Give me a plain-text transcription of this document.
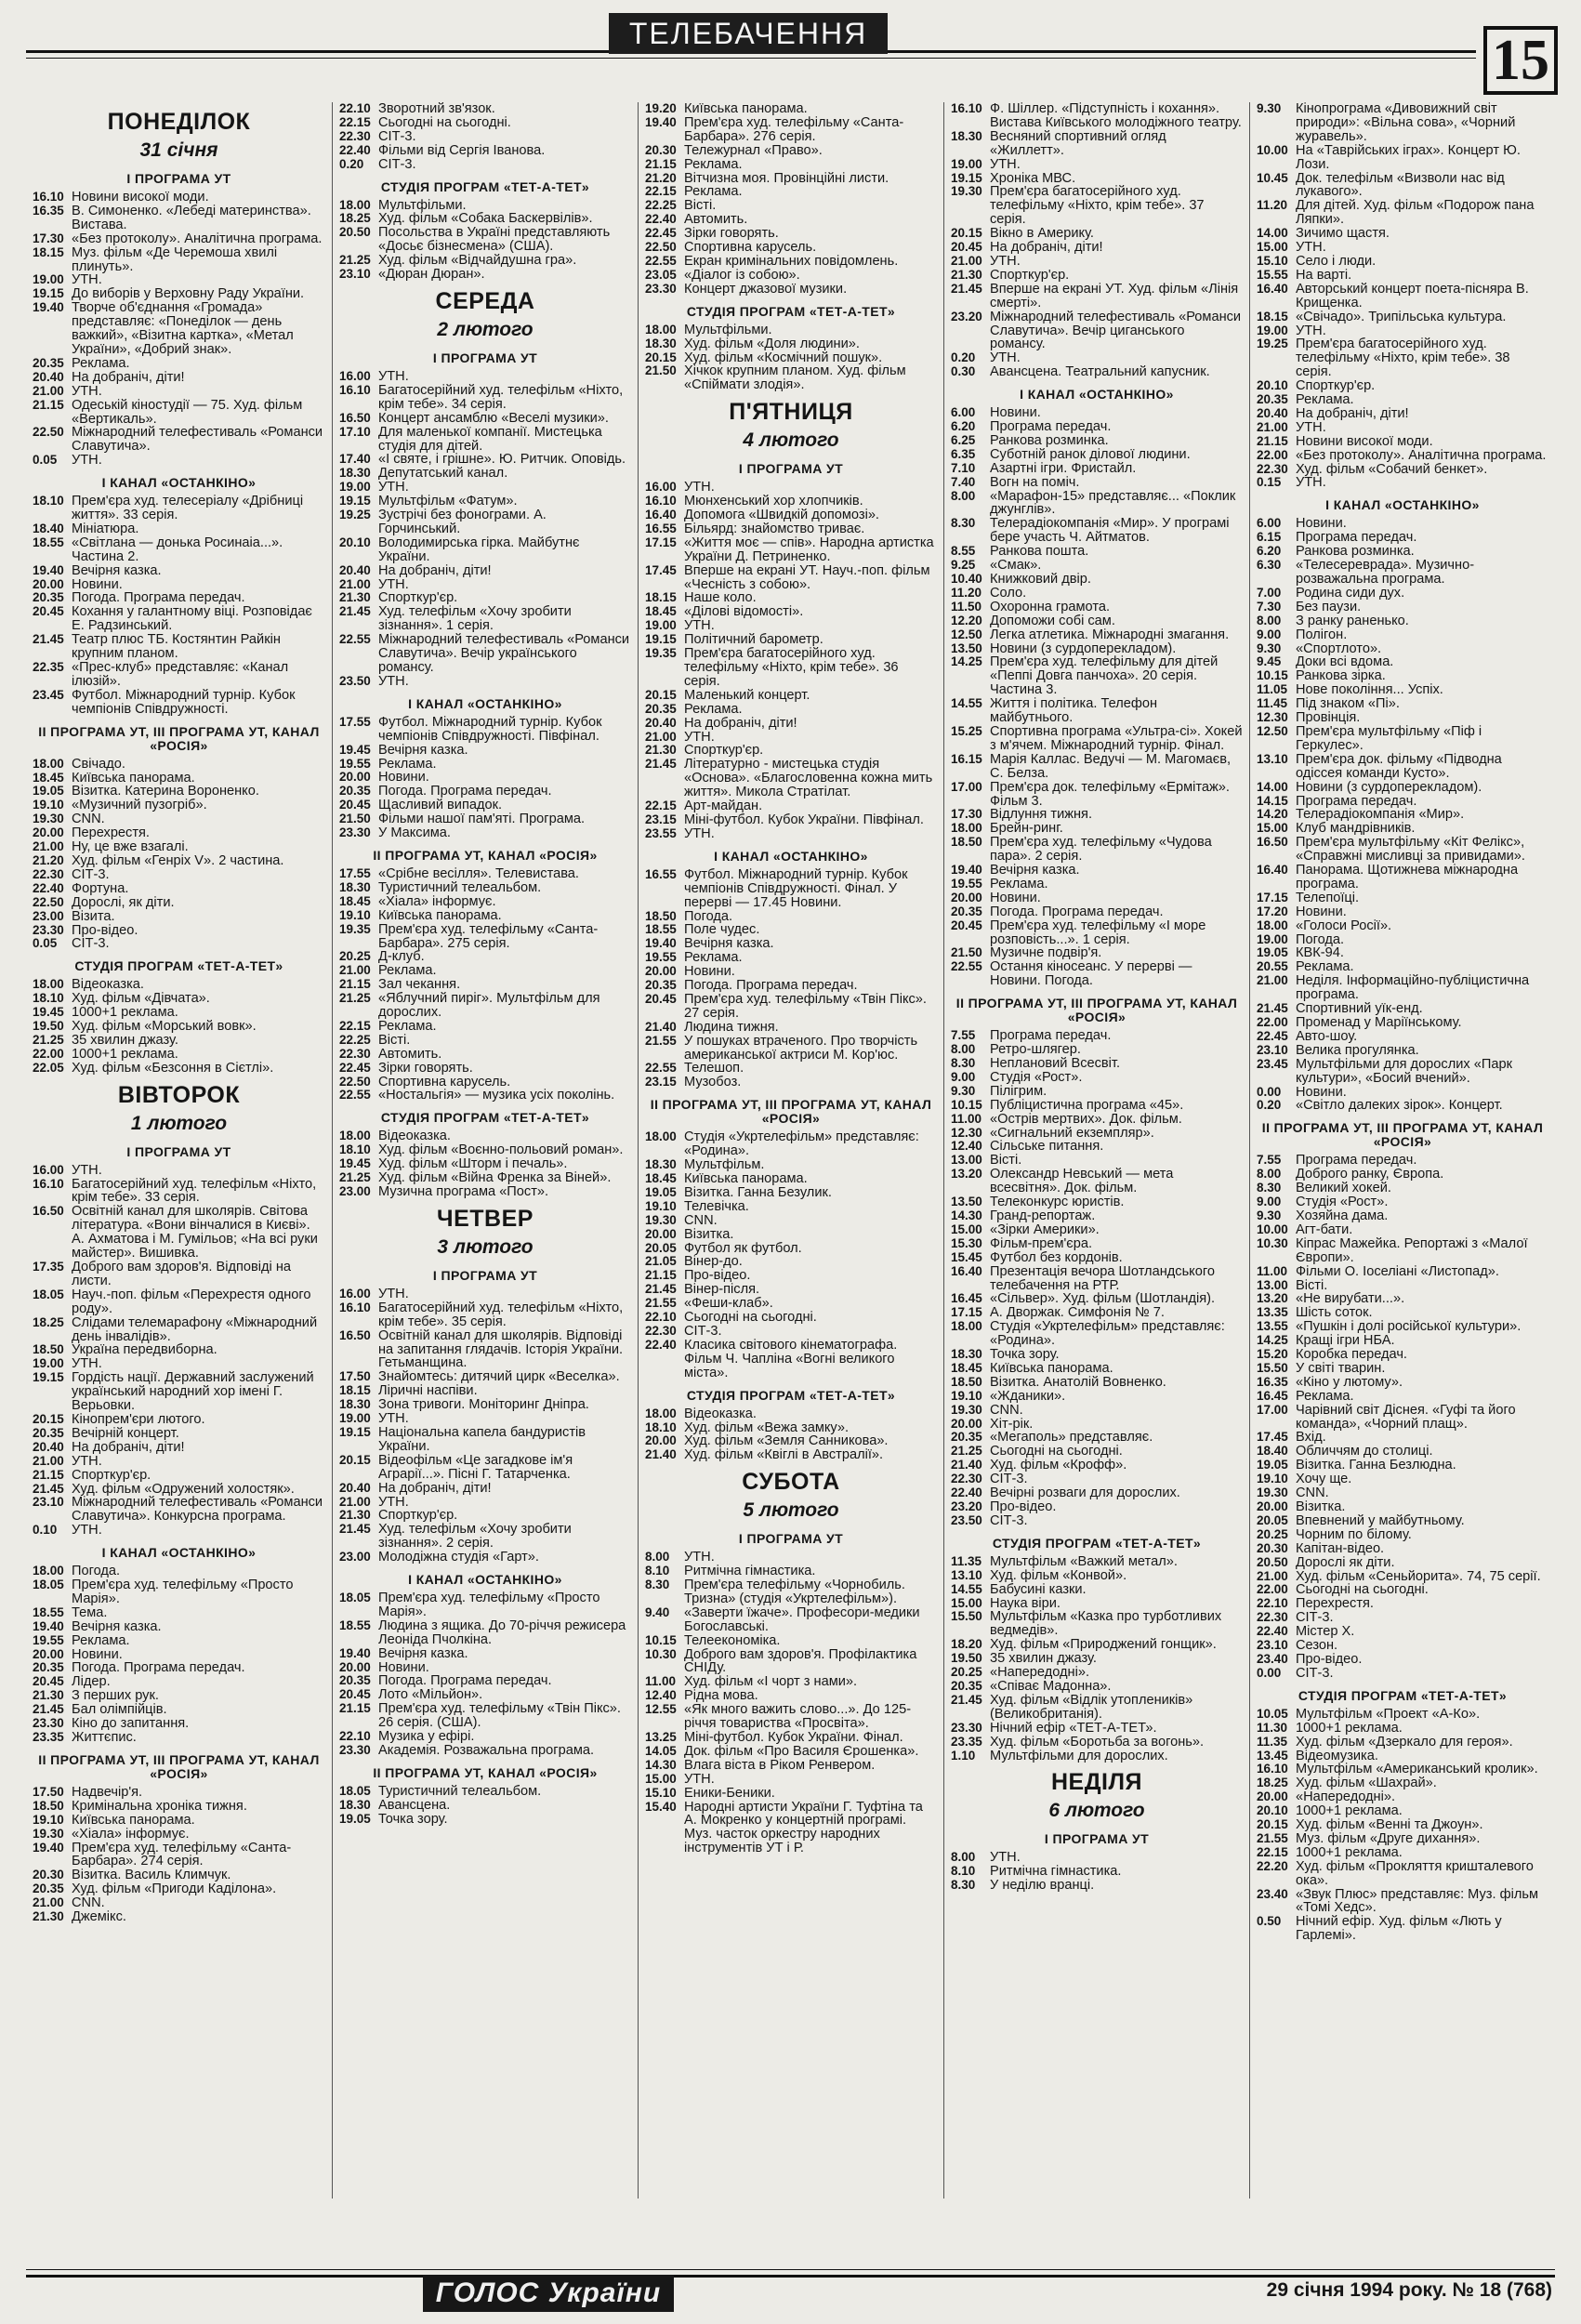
ТЕЛЕБАЧЕННЯ	15
ПОНЕДІЛОК
31 січня
І ПРОГРАМА УТ
16.10 Новини високої моди.
16.35 В. Симоненко. «Лебеді материнства». Вистава.
17.30 «Без протоколу». Аналітична програма.
18.15 Муз. фільм «Де Черемоша хвилі плинуть».
19.00 УТН.
19.15 До виборів у Верховну Раду України.
19.40 Творче об'єднання «Громада» представляє: «Понеділок — день важкий», «Візитна картка», «Метал України», «Добрий знак».
20.35 Реклама.
20.40 На добраніч, діти!
21.00 УТН.
21.15 Одеській кіностудії — 75. Худ. фільм «Вертикаль».
22.50 Міжнародний телефестиваль «Романси Славутича».
0.05	УТН.
І КАНАЛ «ОСТАНКІНО»
18.10 Прем'єра худ. телесеріалу «Дрібниці життя». 33 серія.
18.40 Мініатюра.
18.55 «Світлана — донька Росинаіа...». Частина 2.
19.40 Вечірня казка.
20.00 Новини.
20.35 Погода. Програма передач.
20.45 Кохання у галантному віці. Розповідає Е. Радзинський.
21.45 Театр плюс ТБ. Костянтин Райкін крупним планом.
22.35 «Прес-клуб» представляє: «Канал ілюзій».
23.45 Футбол. Міжнародний турнір. Кубок чемпіонів Співдружності.
ІІ ПРОГРАМА УТ, ІІІ ПРОГРАМА УТ, КАНАЛ «РОСІЯ»
18.00 Свічадо.
18.45 Київська панорама.
19.05 Візитка. Катерина Вороненко.
19.10 «Музичний пузогріб».
19.30 CNN.
20.00 Перехрестя.
21.00 Ну, це вже взагалі.
21.20 Худ. фільм «Генріх V». 2 частина.
22.30 СІТ-3.
22.40 Фортуна.
22.50 Дорослі, як діти.
23.00 Візита.
23.30 Про-відео.
0.05	СІТ-3.
СТУДІЯ ПРОГРАМ «ТЕТ-А-ТЕТ»
18.00 Відеоказка.
18.10 Худ. фільм «Дівчата».
19.45 1000+1 реклама.
19.50 Худ. фільм «Морський вовк».
21.25 35 хвилин джазу.
22.00 1000+1 реклама.
22.05 Худ. фільм «Безсоння в Сієтлі».
ВІВТОРОК
1 лютого
І ПРОГРАМА УТ
16.00 УТН.
16.10 Багатосерійний худ. телефільм «Ніхто, крім тебе». 33 серія.
16.50 Освітній канал для школярів. Світова література. «Вони вінчалися в Києві». А. Ахматова і М. Гумільов; «На всі руки майстер». Вишивка.
17.35 Доброго вам здоров'я. Відповіді на листи.
18.05 Науч.-поп. фільм «Перехрестя одного роду».
18.25 Слідами телемарафону «Міжнародний день інвалідів».
18.50 Україна передвиборна.
19.00 УТН.
19.15 Гордість нації. Державний заслужений український народний хор імені Г. Верьовки.
20.15 Кінопрем'єри лютого.
20.35 Вечірній концерт.
20.40 На добраніч, діти!
21.00 УТН.
21.15 Спорткур'єр.
21.45 Худ. фільм «Одружений холостяк».
23.10 Міжнародний телефестиваль «Романси Славутича». Конкурсна програма.
0.10	УТН.
І КАНАЛ «ОСТАНКІНО»
18.00 Погода.
18.05 Прем'єра худ. телефільму «Просто Марія».
18.55 Тема.
19.40 Вечірня казка.
19.55 Реклама.
20.00 Новини.
20.35 Погода. Програма передач.
20.45 Лідер.
21.30 З перших рук.
21.45 Бал олімпійців.
23.30 Кіно до запитання.
23.35 Життєпис.
ІІ ПРОГРАМА УТ, ІІІ ПРОГРАМА УТ, КАНАЛ «РОСІЯ»
17.50 Надвечір'я.
18.50 Кримінальна хроніка тижня.
19.10 Київська панорама.
19.30 «Хіала» інформує.
19.40 Прем'єра худ. телефільму «Санта-Барбара». 274 серія.
20.30 Візитка. Василь Климчук.
20.35 Худ. фільм «Пригоди Каділона».
21.00 CNN.
21.30 Джемікс.
22.10 Зворотний зв'язок.
22.15 Сьогодні на сьогодні.
22.30 СІТ-3.
22.40 Фільми від Сергія Іванова.
0.20	СІТ-3.
СТУДІЯ ПРОГРАМ «ТЕТ-А-ТЕТ»
18.00 Мультфільми.
18.25 Худ. фільм «Собака Баскервілів».
20.50 Посольства в Україні представляють «Досьє бізнесмена» (США).
21.25 Худ. фільм «Відчайдушна гра».
23.10 «Дюран Дюран».
СЕРЕДА
2 лютого
І ПРОГРАМА УТ
16.00 УТН.
16.10 Багатосерійний худ. телефільм «Ніхто, крім тебе». 34 серія.
16.50 Концерт ансамблю «Веселі музики».
17.10 Для маленької компанії. Мистецька студія для дітей.
17.40 «І святе, і грішне». Ю. Ритчик. Оповідь.
18.30 Депутатський канал.
19.00 УТН.
19.15 Мультфільм «Фатум».
19.25 Зустрічі без фонограми. А. Горчинський.
20.10 Володимирська гірка. Майбутнє України.
20.40 На добраніч, діти!
21.00 УТН.
21.30 Спорткур'єр.
21.45 Худ. телефільм «Хочу зробити зізнання». 1 серія.
22.55 Міжнародний телефестиваль «Романси Славутича». Вечір українського романсу.
23.50 УТН.
І КАНАЛ «ОСТАНКІНО»
17.55 Футбол. Міжнародний турнір. Кубок чемпіонів Співдружності. Півфінал.
19.45 Вечірня казка.
19.55 Реклама.
20.00 Новини.
20.35 Погода. Програма передач.
20.45 Щасливий випадок.
21.50 Фільми нашої пам'яті. Програма.
23.30 У Максима.
ІІ ПРОГРАМА УТ, КАНАЛ «РОСІЯ»
17.55 «Срібне весілля». Телевистава.
18.30 Туристичний телеальбом.
18.45 «Хіала» інформує.
19.10 Київська панорама.
19.35 Прем'єра худ. телефільму «Санта-Барбара». 275 серія.
20.25 Д-клуб.
21.00 Реклама.
21.15 Зал чекання.
21.25 «Яблучний пиріг». Мультфільм для дорослих.
22.15 Реклама.
22.25 Вісті.
22.30 Автомить.
22.45 Зірки говорять.
22.50 Спортивна карусель.
22.55 «Ностальгія» — музика усіх поколінь.
СТУДІЯ ПРОГРАМ «ТЕТ-А-ТЕТ»
18.00 Відеоказка.
18.10 Худ. фільм «Воєнно-польовий роман».
19.45 Худ. фільм «Шторм і печаль».
21.25 Худ. фільм «Війна Френка за Віней».
23.00 Музична програма «Пост».
ЧЕТВЕР
3 лютого
І ПРОГРАМА УТ
16.00 УТН.
16.10 Багатосерійний худ. телефільм «Ніхто, крім тебе». 35 серія.
16.50 Освітній канал для школярів. Відповіді на запитання глядачів. Історія України. Гетьманщина.
17.50 Знайомтесь: дитячий цирк «Веселка».
18.15 Ліричні наспіви.
18.30 Зона тривоги. Моніторинг Дніпра.
19.00 УТН.
19.15 Національна капела бандуристів України.
20.15 Відеофільм «Це загадкове ім'я Аграрії...». Пісні Г. Татарченка.
20.40 На добраніч, діти!
21.00 УТН.
21.30 Спорткур'єр.
21.45 Худ. телефільм «Хочу зробити зізнання». 2 серія.
23.00 Молодіжна студія «Гарт».
І КАНАЛ «ОСТАНКІНО»
18.05 Прем'єра худ. телефільму «Просто Марія».
18.55 Людина з ящика. До 70-річчя режисера Леоніда Пчолкіна.
19.40 Вечірня казка.
20.00 Новини.
20.35 Погода. Програма передач.
20.45 Лото «Мільйон».
21.15 Прем'єра худ. телефільму «Твін Пікс». 26 серія. (США).
22.10 Музика у ефірі.
23.30 Академія. Розважальна програма.
ІІ ПРОГРАМА УТ, КАНАЛ «РОСІЯ»
18.05 Туристичний телеальбом.
18.30 Авансцена.
19.05 Точка зору.
19.20 Київська панорама.
19.40 Прем'єра худ. телефільму «Санта-Барбара». 276 серія.
20.30 Тележурнал «Право».
21.15 Реклама.
21.20 Вітчизна моя. Провінційні листи.
22.15 Реклама.
22.25 Вісті.
22.40 Автомить.
22.45 Зірки говорять.
22.50 Спортивна карусель.
22.55 Екран кримінальних повідомлень.
23.05 «Діалог із собою».
23.30 Концерт джазової музики.
СТУДІЯ ПРОГРАМ «ТЕТ-А-ТЕТ»
18.00 Мультфільми.
18.30 Худ. фільм «Доля людини».
20.15 Худ. фільм «Космічний пошук».
21.50 Хічкок крупним планом. Худ. фільм «Спіймати злодія».
П'ЯТНИЦЯ
4 лютого
І ПРОГРАМА УТ
16.00 УТН.
16.10 Мюнхенський хор хлопчиків.
16.40 Допомога «Швидкій допомозі».
16.55 Більярд: знайомство триває.
17.15 «Життя моє — спів». Народна артистка України Д. Петриненко.
17.45 Вперше на екрані УТ. Науч.-поп. фільм «Чесність з собою».
18.15 Наше коло.
18.45 «Ділові відомості».
19.00 УТН.
19.15 Політичний барометр.
19.35 Прем'єра багатосерійного худ. телефільму «Ніхто, крім тебе». 36 серія.
20.15 Маленький концерт.
20.35 Реклама.
20.40 На добраніч, діти!
21.00 УТН.
21.30 Спорткур'єр.
21.45 Літературно - мистецька студія «Основа». «Благословенна кожна мить життя». Микола Стратілат.
22.15 Арт-майдан.
23.15 Міні-футбол. Кубок України. Півфінал.
23.55 УТН.
І КАНАЛ «ОСТАНКІНО»
16.55 Футбол. Міжнародний турнір. Кубок чемпіонів Співдружності. Фінал. У перерві — 17.45 Новини.
18.50 Погода.
18.55 Поле чудес.
19.40 Вечірня казка.
19.55 Реклама.
20.00 Новини.
20.35 Погода. Програма передач.
20.45 Прем'єра худ. телефільму «Твін Пікс». 27 серія.
21.40 Людина тижня.
21.55 У пошуках втраченого. Про творчість американської актриси М. Кор'юс.
22.55 Телешоп.
23.15 Музобоз.
ІІ ПРОГРАМА УТ, ІІІ ПРОГРАМА УТ, КАНАЛ «РОСІЯ»
18.00 Студія «Укртелефільм» представляє: «Родина».
18.30 Мультфільм.
18.45 Київська панорама.
19.05 Візитка. Ганна Безулик.
19.10 Телевічка.
19.30 CNN.
20.00 Візитка.
20.05 Футбол як футбол.
21.05 Вінер-до.
21.15 Про-відео.
21.45 Вінер-після.
21.55 «Феши-клаб».
22.10 Сьогодні на сьогодні.
22.30 СІТ-3.
22.40 Класика світового кінематографа. Фільм Ч. Чапліна «Вогні великого міста».
СТУДІЯ ПРОГРАМ «ТЕТ-А-ТЕТ»
18.00 Відеоказка.
18.10 Худ. фільм «Вежа замку».
20.00 Худ. фільм «Земля Санникова».
21.40 Худ. фільм «Квіглі в Австралії».
СУБОТА
5 лютого
І ПРОГРАМА УТ
8.00	УТН.
8.10	Ритмічна гімнастика.
8.30	Прем'єра телефільму «Чорнобиль. Тризна» (студія «Укртелефільм»).
9.40	«Заверти їжаче». Професори-медики Богославські.
10.15 Телеекономіка.
10.30 Доброго вам здоров'я. Профілактика СНІДу.
11.00 Худ. фільм «І чорт з нами».
12.40 Рідна мова.
12.55 «Як много важить слово...». До 125-річчя товариства «Просвіта».
13.25 Міні-футбол. Кубок України. Фінал.
14.05 Док. фільм «Про Василя Єрошенка».
14.30 Влага віста в Ріком Ренвером.
15.00 УТН.
15.10 Еники-Беники.
15.40 Народні артисти України Г. Туфтіна та А. Мокренко у концертній програмі. Муз. часток оркестру народних інструментів УТ і Р.
16.10 Ф. Шіллер. «Підступність і кохання». Вистава Київського молодіжного театру.
18.30 Весняний спортивний огляд «Жиллетт».
19.00 УТН.
19.15 Хроніка МВС.
19.30 Прем'єра багатосерійного худ. телефільму «Ніхто, крім тебе». 37 серія.
20.15 Вікно в Америку.
20.45 На добраніч, діти!
21.00 УТН.
21.30 Спорткур'єр.
21.45 Вперше на екрані УТ. Худ. фільм «Лінія смерті».
23.20 Міжнародний телефестиваль «Романси Славутича». Вечір циганського романсу.
0.20	УТН.
0.30	Авансцена. Театральний капусник.
І КАНАЛ «ОСТАНКІНО»
6.00	Новини.
6.20	Програма передач.
6.25	Ранкова розминка.
6.35	Суботній ранок ділової людини.
7.10	Азартні ігри. Фристайл.
7.40	Вогн на поміч.
8.00	«Марафон-15» представляє... «Поклик джунглів».
8.30	Телерадіокомпанія «Мир». У програмі бере участь Ч. Айтматов.
8.55	Ранкова пошта.
9.25	«Смак».
10.40 Книжковий двір.
11.20 Соло.
11.50 Охоронна грамота.
12.20 Допоможи собі сам.
12.50 Легка атлетика. Міжнародні змагання.
13.50 Новини (з сурдоперекладом).
14.25 Прем'єра худ. телефільму для дітей «Пеппі Довга панчоха». 20 серія. Частина 3.
14.55 Життя і політика. Телефон майбутнього.
15.25 Спортивна програма «Ультра-сі». Хокей з м'ячем. Міжнародний турнір. Фінал.
16.15 Марія Каллас. Ведучі — М. Магомаєв, С. Белза.
17.00 Прем'єра док. телефільму «Ермітаж». Фільм 3.
17.30 Відлуння тижня.
18.00 Брейн-ринг.
18.50 Прем'єра худ. телефільму «Чудова пара». 2 серія.
19.40 Вечірня казка.
19.55 Реклама.
20.00 Новини.
20.35 Погода. Програма передач.
20.45 Прем'єра худ. телефільму «І море розповість...». 1 серія.
21.50 Музичне подвір'я.
22.55 Остання кіносеанс. У перерві — Новини. Погода.
ІІ ПРОГРАМА УТ, ІІІ ПРОГРАМА УТ, КАНАЛ «РОСІЯ»
7.55	Програма передач.
8.00	Ретро-шлягер.
8.30	Неплановий Всесвіт.
9.00	Студія «Рост».
9.30	Пілігрим.
10.15 Публіцистична програма «45».
11.00 «Острів мертвих». Док. фільм.
12.30 «Сигнальний екземпляр».
12.40 Сільське питання.
13.00 Вісті.
13.20 Олександр Невський — мета всесвітня». Док. фільм.
13.50 Телеконкурс юристів.
14.30 Гранд-репортаж.
15.00 «Зірки Америки».
15.30 Фільм-прем'єра.
15.45 Футбол без кордонів.
16.40 Презентація вечора Шотландського телебачення на РТР.
16.45 «Сільвер». Худ. фільм (Шотландія).
17.15 А. Дворжак. Симфонія № 7.
18.00 Студія «Укртелефільм» представляє: «Родина».
18.30 Точка зору.
18.45 Київська панорама.
18.50 Візитка. Анатолій Вовненко.
19.10 «Жданики».
19.30 CNN.
20.00 Хіт-рік.
20.35 «Мегаполь» представляє.
21.25 Сьогодні на сьогодні.
21.40 Худ. фільм «Крофф».
22.30 СІТ-3.
22.40 Вечірні розваги для дорослих.
23.20 Про-відео.
23.50 СІТ-3.
СТУДІЯ ПРОГРАМ «ТЕТ-А-ТЕТ»
11.35 Мультфільм «Важкий метал».
13.10 Худ. фільм «Конвой».
14.55 Бабусині казки.
15.00 Наука віри.
15.50 Мультфільм «Казка про турботливих ведмедів».
18.20 Худ. фільм «Природжений гонщик».
19.50 35 хвилин джазу.
20.25 «Напередодні».
20.35 «Співає Мадонна».
21.45 Худ. фільм «Відлік утоплеників» (Великобританія).
23.30 Нічний ефір «ТЕТ-А-ТЕТ».
23.35 Худ. фільм «Боротьба за вогонь».
1.10	Мультфільми для дорослих.
НЕДІЛЯ
6 лютого
І ПРОГРАМА УТ
8.00	УТН.
8.10	Ритмічна гімнастика.
8.30	У неділю вранці.
9.30	Кінопрограма «Дивовижний світ природи»: «Вільна сова», «Чорний журавель».
10.00 На «Таврійських іграх». Концерт Ю. Лози.
10.45 Док. телефільм «Визволи нас від лукавого».
11.20 Для дітей. Худ. фільм «Подорож пана Ляпки».
14.00 Зичимо щастя.
15.00 УТН.
15.10 Село і люди.
15.55 На варті.
16.40 Авторський концерт поета-пісняра В. Крищенка.
18.15 «Свічадо». Трипільська культура.
19.00 УТН.
19.25 Прем'єра багатосерійного худ. телефільму «Ніхто, крім тебе». 38 серія.
20.10 Спорткур'єр.
20.35 Реклама.
20.40 На добраніч, діти!
21.00 УТН.
21.15 Новини високої моди.
22.00 «Без протоколу». Аналітична програма.
22.30 Худ. фільм «Собачий бенкет».
0.15	УТН.
І КАНАЛ «ОСТАНКІНО»
6.00	Новини.
6.15	Програма передач.
6.20	Ранкова розминка.
6.30	«Телесереврада». Музично-розважальна програма.
7.00	Родина сиди дух.
7.30	Без паузи.
8.00	З ранку раненько.
9.00	Полігон.
9.30	«Спортлото».
9.45	Доки всі вдома.
10.15 Ранкова зірка.
11.05 Нове покоління... Успіх.
11.45 Під знаком «Пі».
12.30 Провінція.
12.50 Прем'єра мультфільму «Піф і Геркулес».
13.10 Прем'єра док. фільму «Підводна одіссея команди Кусто».
14.00 Новини (з сурдоперекладом).
14.15 Програма передач.
14.20 Телерадіокомпанія «Мир».
15.00 Клуб мандрівників.
16.50 Прем'єра мультфільму «Кіт Фелікс», «Справжні мисливці за привидами».
16.40 Панорама. Щотижнева міжнародна програма.
17.15 Телепоїці.
17.20 Новини.
18.00 «Голоси Росії».
19.00 Погода.
19.05 КВК-94.
20.55 Реклама.
21.00 Неділя. Інформаційно-публіцистична програма.
21.45 Спортивний уїк-енд.
22.00 Променад у Маріїнському.
22.45 Авто-шоу.
23.10 Велика прогулянка.
23.45 Мультфільми для дорослих «Парк культури», «Босий вчений».
0.00	Новини.
0.20	«Світло далеких зірок». Концерт.
ІІ ПРОГРАМА УТ, ІІІ ПРОГРАМА УТ, КАНАЛ «РОСІЯ»
7.55	Програма передач.
8.00	Доброго ранку, Європа.
8.30	Великий хокей.
9.00	Студія «Рост».
9.30	Хозяйна дама.
10.00 Агт-бати.
10.30 Кіпрас Мажейка. Репортажі з «Малої Європи».
11.00 Фільми О. Іоселіані «Листопад».
13.00 Вісті.
13.20 «Не вирубати...».
13.35 Шість соток.
13.55 «Пушкін і долі російської культури».
14.25 Кращі ігри НБА.
15.20 Коробка передач.
15.50 У світі тварин.
16.35 «Кіно у лютому».
16.45 Реклама.
17.00 Чарівний світ Діснея. «Гуфі та його команда», «Чорний плащ».
17.45 Вхід.
18.40 Обличчям до столиці.
19.05 Візитка. Ганна Безлюдна.
19.10 Хочу ще.
19.30 CNN.
20.00 Візитка.
20.05 Впевнений у майбутньому.
20.25 Чорним по білому.
20.30 Капітан-відео.
20.50 Дорослі як діти.
21.00 Худ. фільм «Сеньйорита». 74, 75 серії.
22.00 Сьогодні на сьогодні.
22.10 Перехрестя.
22.30 СІТ-3.
22.40 Містер Х.
23.10 Сезон.
23.40 Про-відео.
0.00	СІТ-3.
СТУДІЯ ПРОГРАМ «ТЕТ-А-ТЕТ»
10.05 Мультфільм «Проект «А-Ко».
11.30 1000+1 реклама.
11.35 Худ. фільм «Дзеркало для героя».
13.45 Відеомузика.
16.10 Мультфільм «Американський кролик».
18.25 Худ. фільм «Шахрай».
20.00 «Напередодні».
20.10 1000+1 реклама.
20.15 Худ. фільм «Венні та Джоун».
21.55 Муз. фільм «Друге дихання».
22.15 1000+1 реклама.
22.20 Худ. фільм «Прокляття кришталевого ока».
23.40 «Звук Плюс» представляє: Муз. фільм «Томі Хедс».
0.50	Нічний ефір. Худ. фільм «Лють у Гарлемі».
ГОЛОС України	29 січня 1994 року. № 18 (768)
